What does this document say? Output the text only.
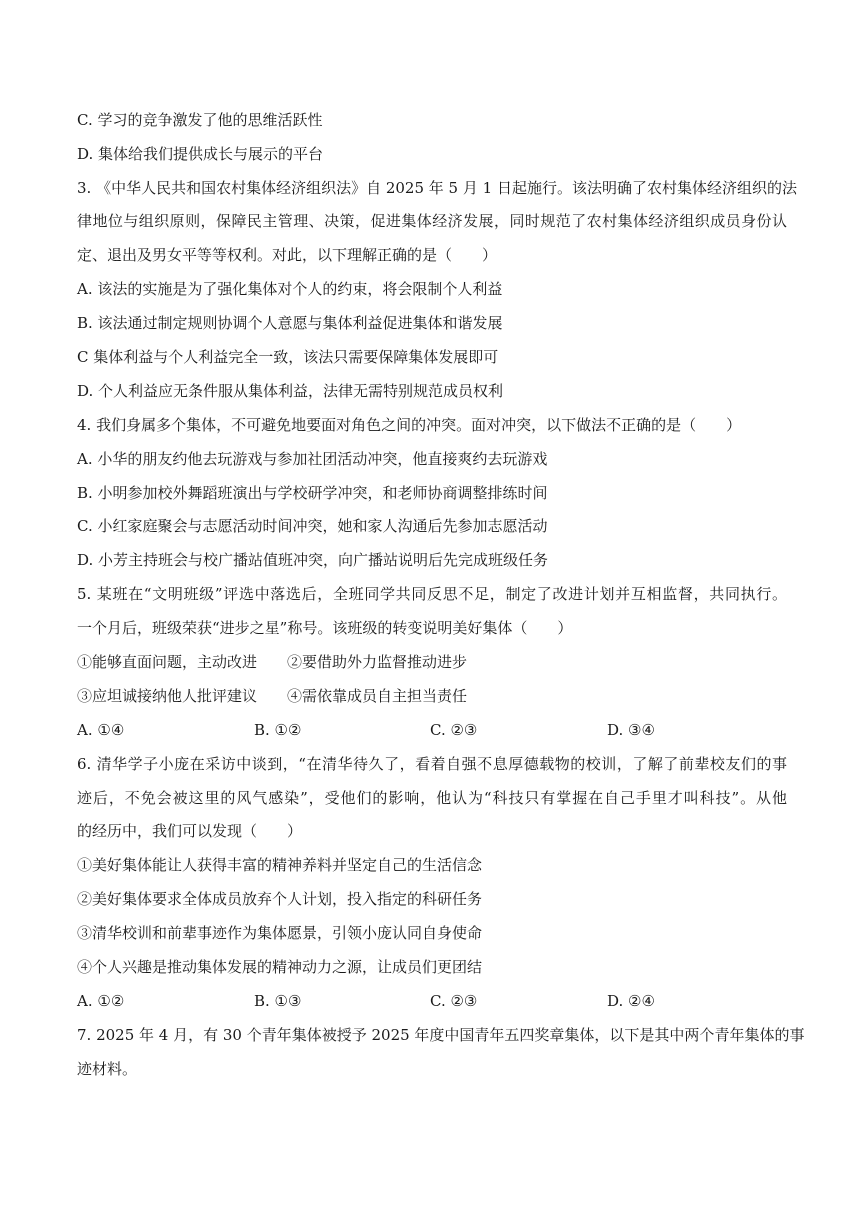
C. 学习的竞争激发了他的思维活跃性
D. 集体给我们提供成长与展示的平台
3. 《中华人民共和国农村集体经济组织法》自 2025 年 5 月 1 日起施行。该法明确了农村集体经济组织的法
律地位与组织原则，保障民主管理、决策，促进集体经济发展，同时规范了农村集体经济组织成员身份认
定、退出及男女平等等权利。对此，以下理解正确的是（　　）
A. 该法的实施是为了强化集体对个人的约束，将会限制个人利益
B. 该法通过制定规则协调个人意愿与集体利益促进集体和谐发展
C 集体利益与个人利益完全一致，该法只需要保障集体发展即可
D. 个人利益应无条件服从集体利益，法律无需特别规范成员权利
4. 我们身属多个集体，不可避免地要面对角色之间的冲突。面对冲突，以下做法不正确的是（　　）
A. 小华的朋友约他去玩游戏与参加社团活动冲突，他直接爽约去玩游戏
B. 小明参加校外舞蹈班演出与学校研学冲突，和老师协商调整排练时间
C. 小红家庭聚会与志愿活动时间冲突，她和家人沟通后先参加志愿活动
D. 小芳主持班会与校广播站值班冲突，向广播站说明后先完成班级任务
5. 某班在“文明班级”评选中落选后，全班同学共同反思不足，制定了改进计划并互相监督，共同执行。
一个月后，班级荣获“进步之星”称号。该班级的转变说明美好集体（　　）
①能够直面问题，主动改进　　②要借助外力监督推动进步
③应坦诚接纳他人批评建议　　④需依靠成员自主担当责任
A. ①④	B. ①②	C. ②③	D. ③④
6. 清华学子小庞在采访中谈到，“在清华待久了，看着自强不息厚德载物的校训，了解了前辈校友们的事
迹后，不免会被这里的风气感染”，受他们的影响，他认为“科技只有掌握在自己手里才叫科技”。从他
的经历中，我们可以发现（　　）
①美好集体能让人获得丰富的精神养料并坚定自己的生活信念
②美好集体要求全体成员放弃个人计划，投入指定的科研任务
③清华校训和前辈事迹作为集体愿景，引领小庞认同自身使命
④个人兴趣是推动集体发展的精神动力之源，让成员们更团结
A. ①②	B. ①③	C. ②③	D. ②④
7. 2025 年 4 月，有 30 个青年集体被授予 2025 年度中国青年五四奖章集体，以下是其中两个青年集体的事
迹材料。
